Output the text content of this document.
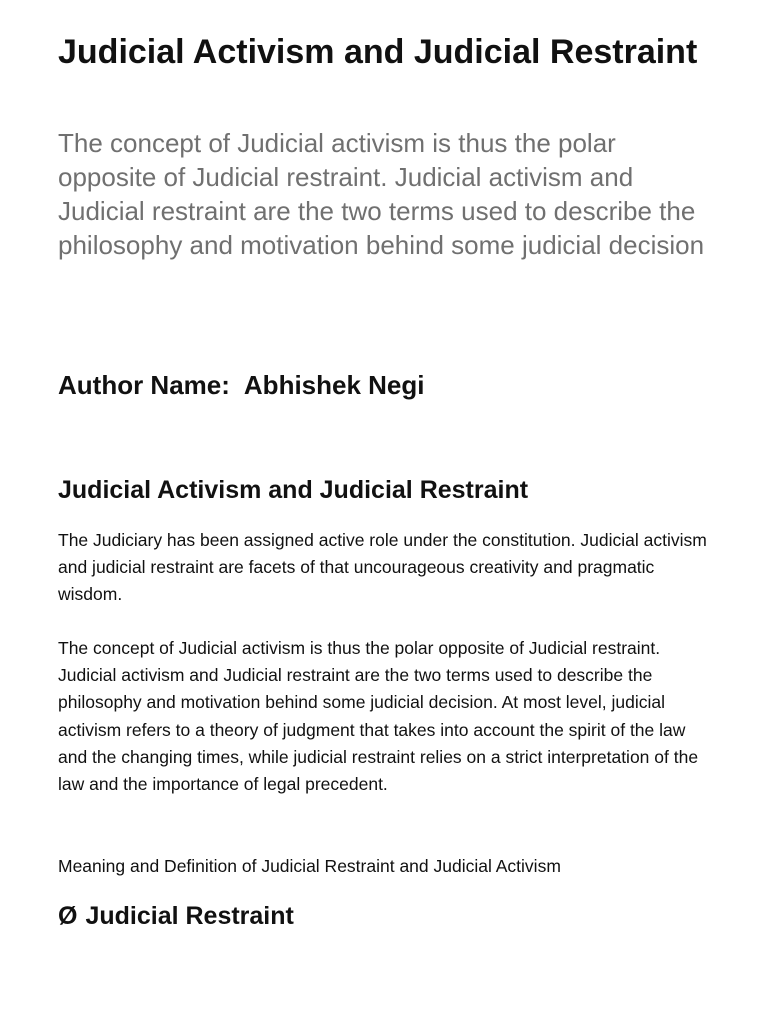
Judicial Activism and Judicial Restraint

The concept of Judicial activism is thus the polar opposite of Judicial restraint. Judicial activism and Judicial restraint are the two terms used to describe the philosophy and motivation behind some judicial decision

Author Name: Abhishek Negi
Judicial Activism and Judicial Restraint

The Judiciary has been assigned active role under the constitution. Judicial activism and judicial restraint are facets of that uncourageous creativity and pragmatic wisdom.

The concept of Judicial activism is thus the polar opposite of Judicial restraint. Judicial activism and Judicial restraint are the two terms used to describe the philosophy and motivation behind some judicial decision. At most level, judicial activism refers to a theory of judgment that takes into account the spirit of the law and the changing times, while judicial restraint relies on a strict interpretation of the law and the importance of legal precedent.

Meaning and Definition of Judicial Restraint and Judicial Activism

Ø Judicial Restraint
